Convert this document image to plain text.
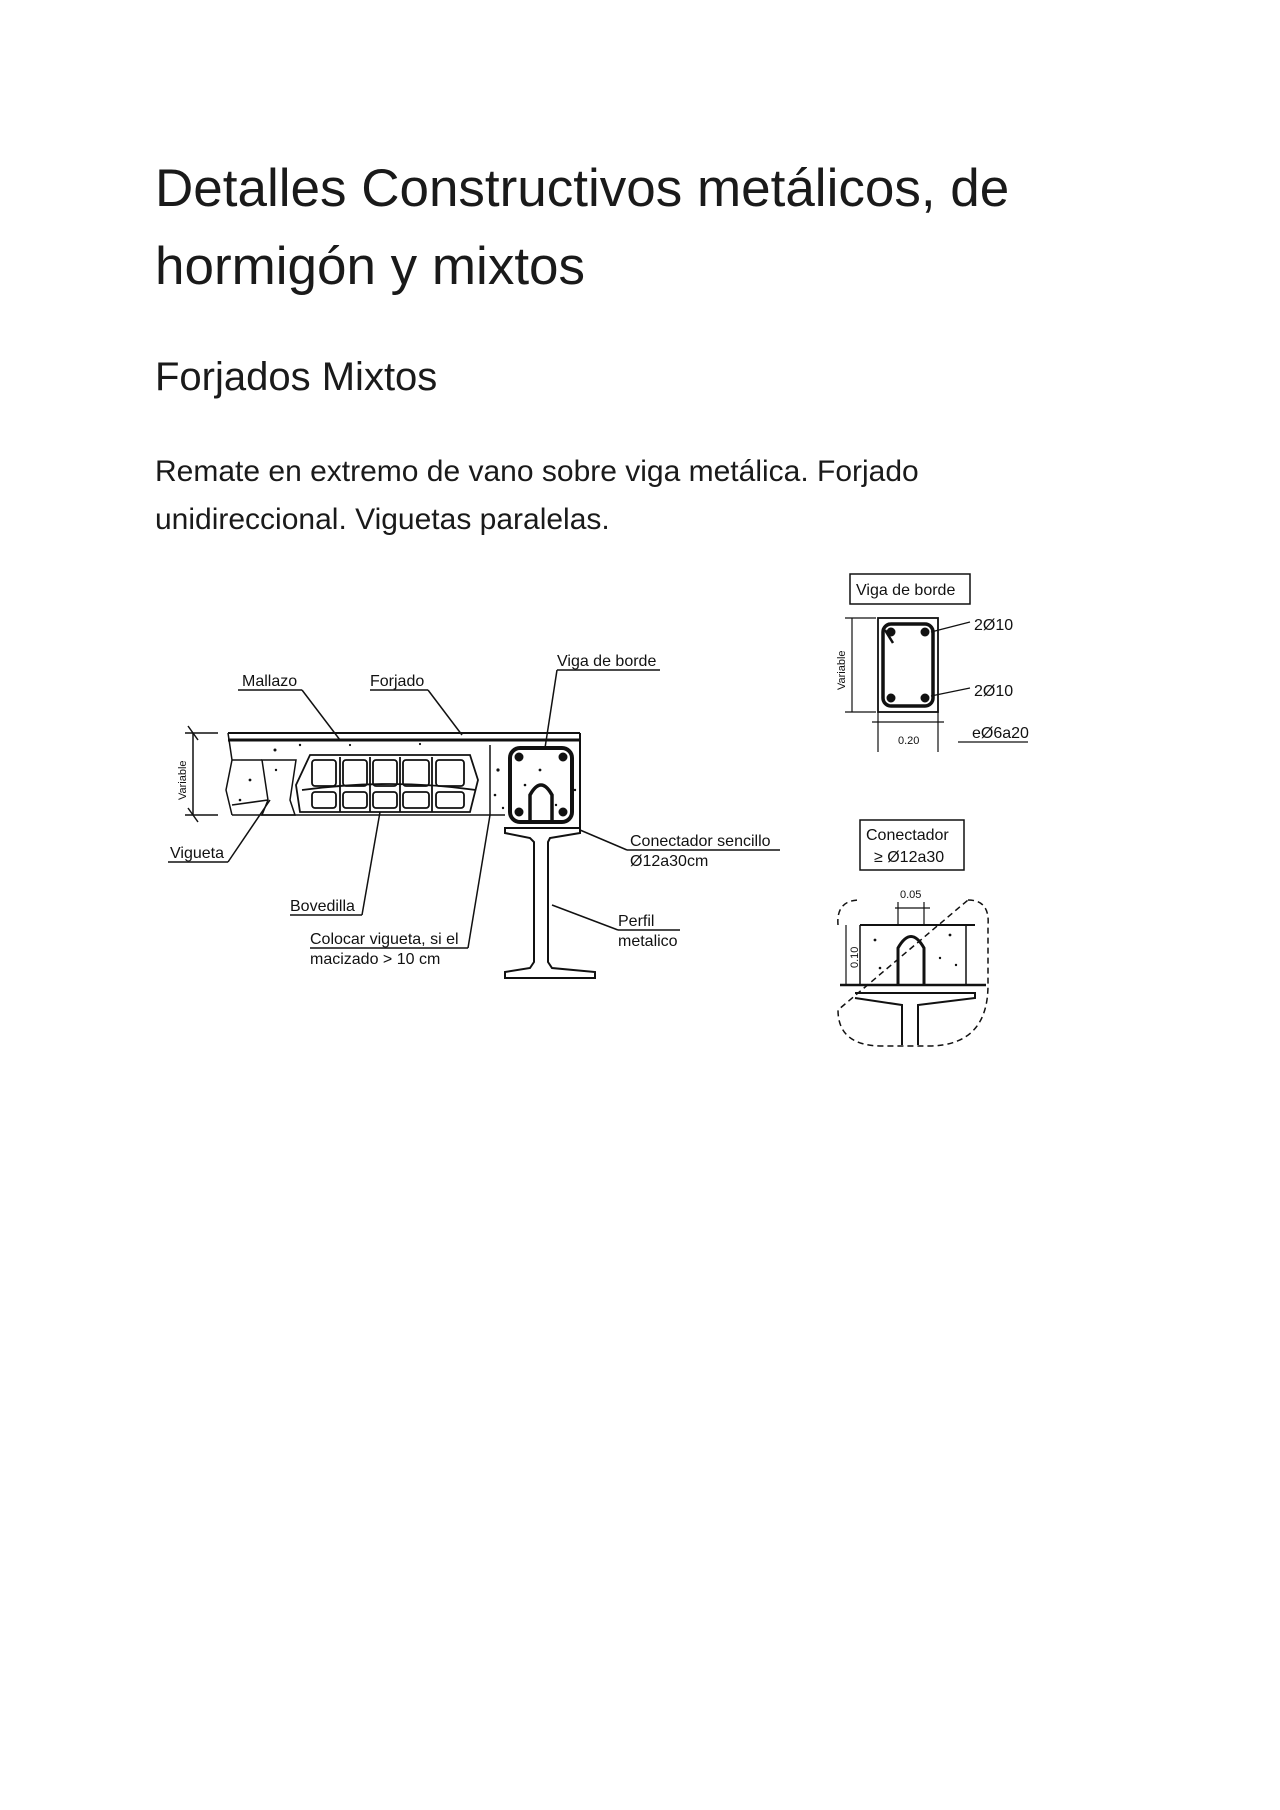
Detalles Constructivos metálicos, de hormigón y mixtos
Forjados Mixtos

Remate en extremo de vano sobre viga metálica. Forjado unidireccional. Viguetas paralelas.

Mallazo	Forjado
Viga de borde
Variable
Vigueta
Bovedilla
Colocar vigueta, si el
macizado > 10 cm
Conectador sencillo
Ø12a30cm
Perfil
metalico
Viga de borde
Variable
2Ø10
2Ø10
0.20	eØ6a20
Conectador
≥ Ø12a30
0.05
0.10
